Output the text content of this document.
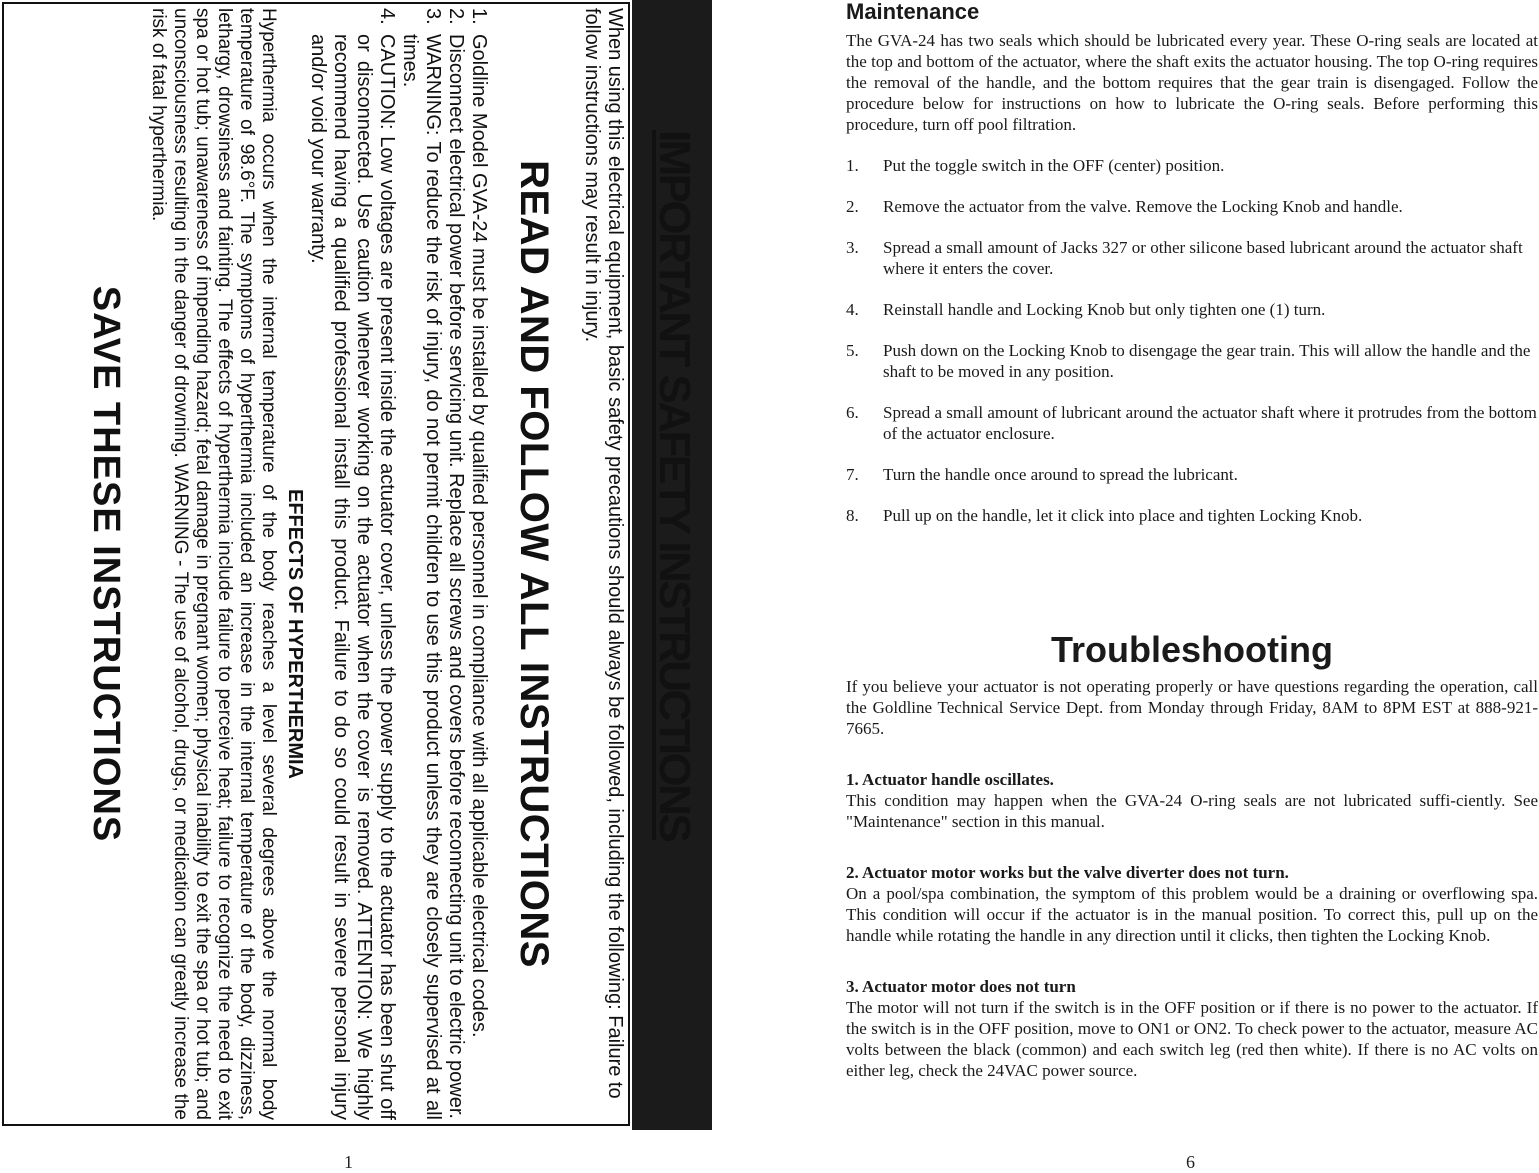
IMPORTANT SAFETY INSTRUCTIONS

When using this electrical equipment, basic safety precautions should always be followed, including the following: Failure to follow instructions may result in injury.

READ AND FOLLOW ALL INSTRUCTIONS
1.
Goldline Model GVA-24 must be installed by qualified personnel in compliance with all applicable electrical codes.
2.
Disconnect electrical power before servicing unit. Replace all screws and covers before reconnecting unit to electric power.
3.
WARNING: To reduce the risk of injury, do not permit children to use this product unless they are closely supervised at all times.
4.
CAUTION: Low voltages are present inside the actuator cover, unless the power supply to the actuator has been shut off or disconnected. Use caution whenever working on the actuator when the cover is removed. ATTENTION: We highly recommend having a qualified professional install this product. Failure to do so could result in severe personal injury and/or void your warranty.

EFFECTS OF HYPERTHERMIA

Hyperthermia occurs when the internal temperature of the body reaches a level several degrees above the normal body temperature of 98.6°F. The symptoms of hyperthermia included an increase in the internal temperature of the body, dizziness, lethargy, drowsiness and fainting. The effects of hyperthermia include failure to perceive heat; failure to recognize the need to exit spa or hot tub; unawareness of impending hazard; fetal damage in pregnant women; physical inability to exit the spa or hot tub; and unconsciousness resulting in the danger of drowning. WARNING - The use of alcohol, drugs, or medication can greatly increase the risk of fatal hyperthermia.

SAVE THESE INSTRUCTIONS

1
Maintenance

The GVA-24 has two seals which should be lubricated every year. These O-ring seals are located at the top and bottom of the actuator, where the shaft exits the actuator housing. The top O-ring requires the removal of the handle, and the bottom requires that the gear train is disengaged. Follow the procedure below for instructions on how to lubricate the O-ring seals. Before performing this procedure, turn off pool filtration.

1.	Put the toggle switch in the OFF (center) position.
2.	Remove the actuator from the valve. Remove the Locking Knob and handle.
3.	Spread a small amount of Jacks 327 or other silicone based lubricant around the actuator shaft where it enters the cover.
4.	Reinstall handle and Locking Knob but only tighten one (1) turn.
5.	Push down on the Locking Knob to disengage the gear train. This will allow the handle and the shaft to be moved in any position.
6.	Spread a small amount of lubricant around the actuator shaft where it protrudes from the bottom of the actuator enclosure.
7.	Turn the handle once around to spread the lubricant.
8.	Pull up on the handle, let it click into place and tighten Locking Knob.
Troubleshooting

If you believe your actuator is not operating properly or have questions regarding the operation, call the Goldline Technical Service Dept. from Monday through Friday, 8AM to 8PM EST at 888-921-7665.

1. Actuator handle oscillates.

This condition may happen when the GVA-24 O-ring seals are not lubricated suffi-ciently. See "Maintenance" section in this manual.

2. Actuator motor works but the valve diverter does not turn.

On a pool/spa combination, the symptom of this problem would be a draining or overflowing spa. This condition will occur if the actuator is in the manual position. To correct this, pull up on the handle while rotating the handle in any direction until it clicks, then tighten the Locking Knob.

3. Actuator motor does not turn

The motor will not turn if the switch is in the OFF position or if there is no power to the actuator. If the switch is in the OFF position, move to ON1 or ON2. To check power to the actuator, measure AC volts between the black (common) and each switch leg (red then white). If there is no AC volts on either leg, check the 24VAC power source.

6
